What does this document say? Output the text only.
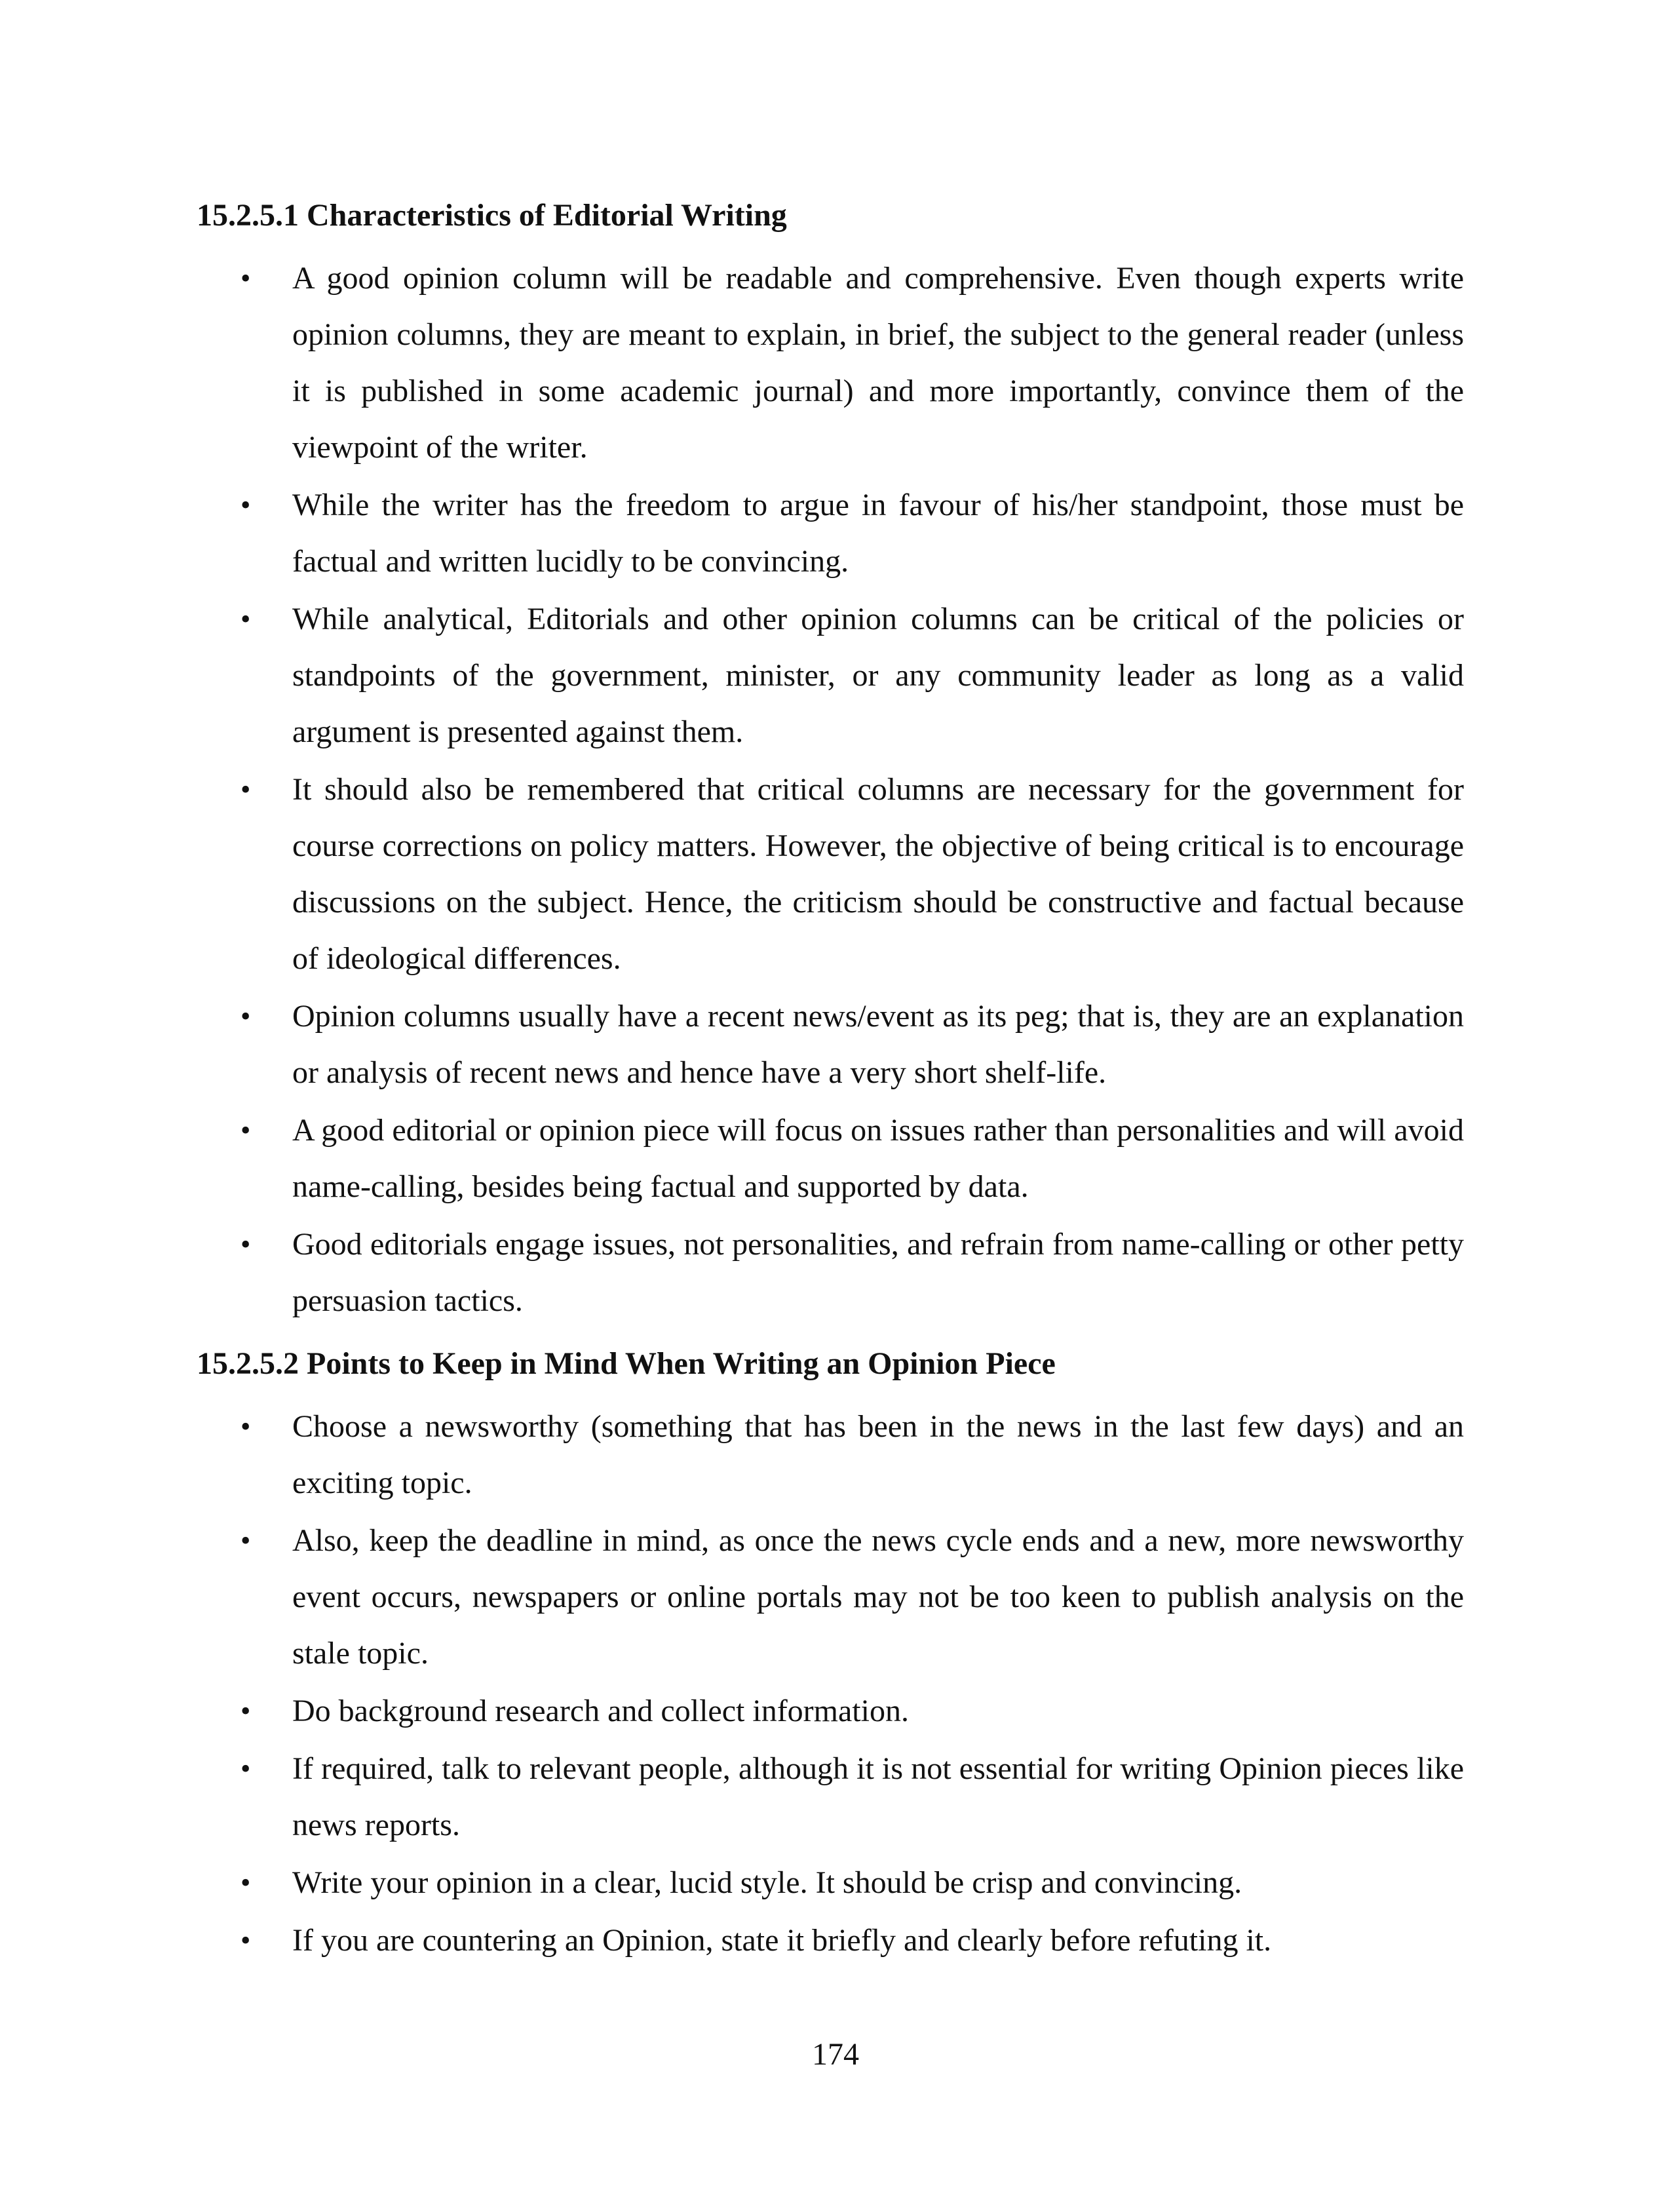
15.2.5.1 Characteristics of Editorial Writing
• A good opinion column will be readable and comprehensive. Even though experts write opinion columns, they are meant to explain, in brief, the subject to the general reader (unless it is published in some academic journal) and more importantly, convince them of the viewpoint of the writer.
• While the writer has the freedom to argue in favour of his/her standpoint, those must be factual and written lucidly to be convincing.
• While analytical, Editorials and other opinion columns can be critical of the policies or standpoints of the government, minister, or any community leader as long as a valid argument is presented against them.
• It should also be remembered that critical columns are necessary for the government for course corrections on policy matters. However, the objective of being critical is to encourage discussions on the subject. Hence, the criticism should be constructive and factual because of ideological differences.
• Opinion columns usually have a recent news/event as its peg; that is, they are an explanation or analysis of recent news and hence have a very short shelf-life.
• A good editorial or opinion piece will focus on issues rather than personalities and will avoid name-calling, besides being factual and supported by data.
• Good editorials engage issues, not personalities, and refrain from name-calling or other petty persuasion tactics.
15.2.5.2 Points to Keep in Mind When Writing an Opinion Piece
• Choose a newsworthy (something that has been in the news in the last few days) and an exciting topic.
• Also, keep the deadline in mind, as once the news cycle ends and a new, more newsworthy event occurs, newspapers or online portals may not be too keen to publish analysis on the stale topic.
• Do background research and collect information.
• If required, talk to relevant people, although it is not essential for writing Opinion pieces like news reports.
• Write your opinion in a clear, lucid style. It should be crisp and convincing.
• If you are countering an Opinion, state it briefly and clearly before refuting it.
174
